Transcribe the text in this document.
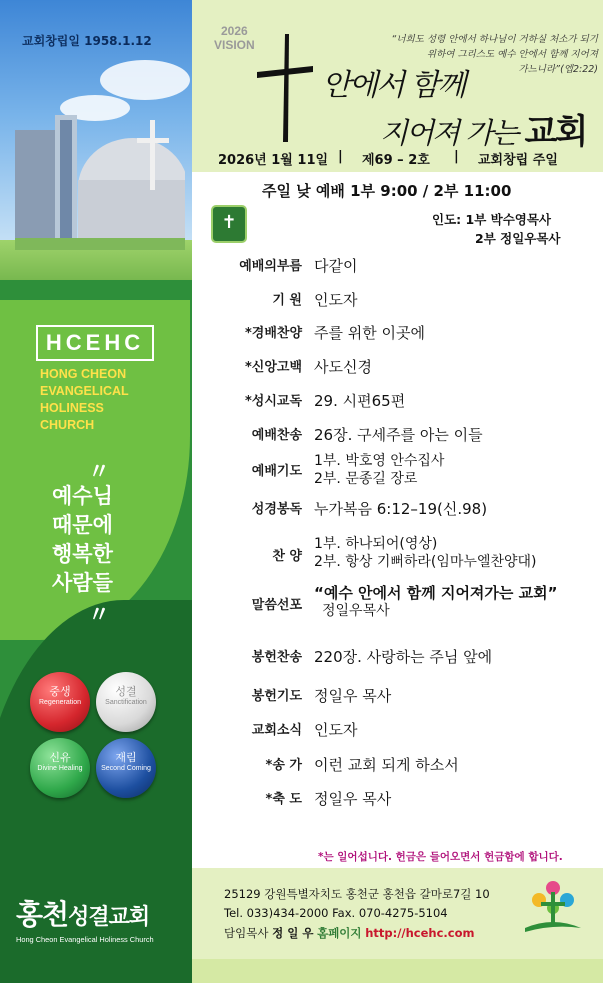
교회창립일 1958.1.12
HCEHC
HONG CHEON
EVANGELICAL
HOLINESS
CHURCH
〃
예수님
때문에
행복한
사람들
〃
중생
Regeneration
성결
Sanctification
신유
Divine Healing
재림
Second Coming
홍천성결교회
Hong Cheon Evangelical Holiness Church
2026
VISION	“너희도 성령 안에서 하나님이 거하실 처소가 되기
위하여 그리스도 예수 안에서 함께 지어져
가느니라”(엡2:22)
안에서 함께
지어져 가는 교회
2026년 1월 11일 | 제69 – 2호 | 교회창립 주일
주일 낮 예배 1부 9:00 / 2부 11:00
✝	인도: 1부 박수영목사
2부 정일우목사
예배의부름 다같이
기 원 인도자
*경배찬양 주를 위한 이곳에
*신앙고백 사도신경
*성시교독 29. 시편65편
예배찬송 26장. 구세주를 아는 이들
예배기도
1부. 박호영 안수집사
2부. 문종길 장로
성경봉독 누가복음 6:12–19(신.98)
찬 양
1부. 하나되어(영상)
2부. 항상 기뻐하라(임마누엘찬양대)
말씀선포
“예수 안에서 함께 지어져가는 교회”
정일우목사
봉헌찬송 220장. 사랑하는 주님 앞에
봉헌기도 정일우 목사
교회소식 인도자
*송 가 이런 교회 되게 하소서
*축 도 정일우 목사
*는 일어섭니다. 헌금은 들어오면서 헌금함에 합니다.
25129 강원특별자치도 홍천군 홍천읍 갈마로7길 10
Tel. 033)434-2000 Fax. 070-4275-5104
담임목사 정 일 우 홈페이지 http://hcehc.com
